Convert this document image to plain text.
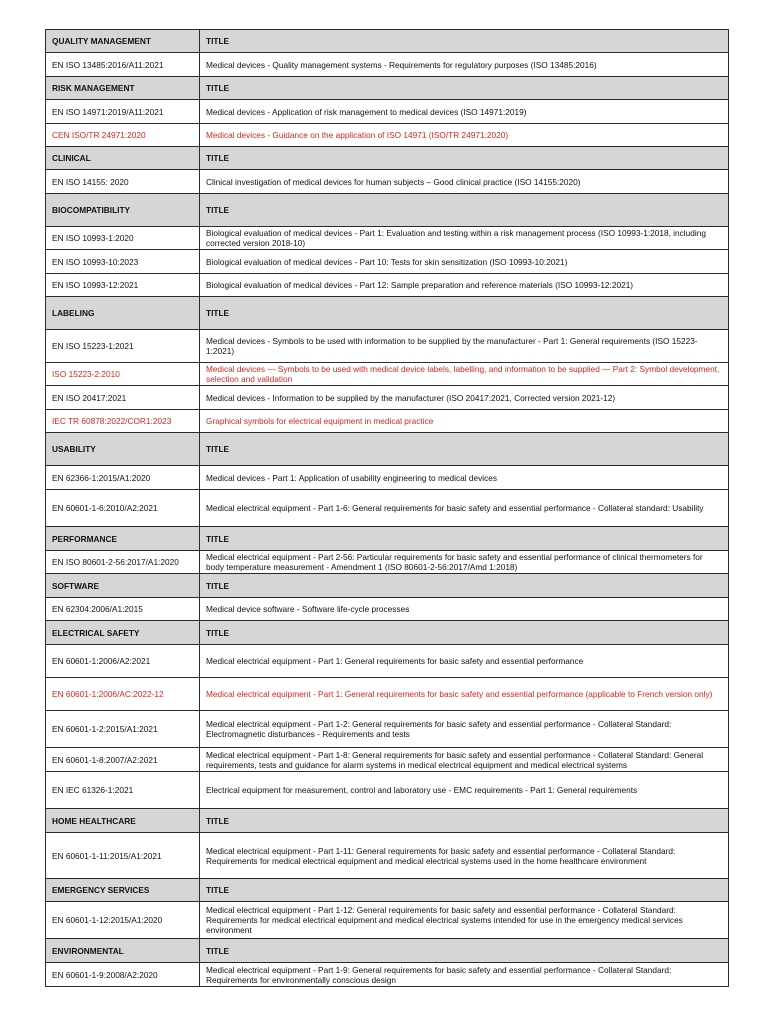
QUALITY MANAGEMENT	TITLE
EN ISO 13485:2016/A11:2021	Medical devices - Quality management systems - Requirements for regulatory purposes (ISO 13485:2016)
RISK MANAGEMENT	TITLE
EN ISO 14971:2019/A11:2021	Medical devices - Application of risk management to medical devices (ISO 14971:2019)
CEN ISO/TR 24971:2020	Medical devices - Guidance on the application of ISO 14971 (ISO/TR 24971:2020)
CLINICAL	TITLE
EN ISO 14155: 2020	Clinical investigation of medical devices for human subjects – Good clinical practice (ISO 14155:2020)
BIOCOMPATIBILITY	TITLE
EN ISO 10993-1:2020	Biological evaluation of medical devices - Part 1: Evaluation and testing within a risk management process (ISO 10993-1:2018, including corrected version 2018-10)
EN ISO 10993-10:2023	Biological evaluation of medical devices - Part 10: Tests for skin sensitization (ISO 10993-10:2021)
EN ISO 10993-12:2021	Biological evaluation of medical devices - Part 12: Sample preparation and reference materials (ISO 10993-12:2021)
LABELING	TITLE
EN ISO 15223-1:2021	Medical devices - Symbols to be used with information to be supplied by the manufacturer - Part 1: General requirements (ISO 15223-1:2021)
ISO 15223-2:2010	Medical devices — Symbols to be used with medical device labels, labelling, and information to be supplied — Part 2: Symbol development, selection and validation
EN ISO 20417:2021	Medical devices - Information to be supplied by the manufacturer (ISO 20417:2021, Corrected version 2021-12)
IEC TR 60878:2022/COR1:2023	Graphical symbols for electrical equipment in medical practice
USABILITY	TITLE
EN 62366-1:2015/A1:2020	Medical devices - Part 1: Application of usability engineering to medical devices
EN 60601-1-6:2010/A2:2021	Medical electrical equipment - Part 1-6: General requirements for basic safety and essential performance - Collateral standard: Usability
PERFORMANCE	TITLE
EN ISO 80601-2-56:2017/A1:2020	Medical electrical equipment - Part 2-56: Particular requirements for basic safety and essential performance of clinical thermometers for body temperature measurement - Amendment 1 (ISO 80601-2-56:2017/Amd 1:2018)
SOFTWARE	TITLE
EN 62304:2006/A1:2015	Medical device software - Software life-cycle processes
ELECTRICAL SAFETY	TITLE
EN 60601-1:2006/A2:2021	Medical electrical equipment - Part 1: General requirements for basic safety and essential performance
EN 60601-1:2006/AC:2022-12	Medical electrical equipment - Part 1: General requirements for basic safety and essential performance (applicable to French version only)
EN 60601-1-2:2015/A1:2021	Medical electrical equipment - Part 1-2: General requirements for basic safety and essential performance - Collateral Standard: Electromagnetic disturbances - Requirements and tests
EN 60601-1-8:2007/A2:2021	Medical electrical equipment - Part 1-8: General requirements for basic safety and essential performance - Collateral Standard: General requirements, tests and guidance for alarm systems in medical electrical equipment and medical electrical systems
EN IEC 61326-1:2021	Electrical equipment for measurement, control and laboratory use - EMC requirements - Part 1: General requirements
HOME HEALTHCARE	TITLE
EN 60601-1-11:2015/A1:2021	Medical electrical equipment - Part 1-11: General requirements for basic safety and essential performance - Collateral Standard: Requirements for medical electrical equipment and medical electrical systems used in the home healthcare environment
EMERGENCY SERVICES	TITLE
EN 60601-1-12:2015/A1:2020	Medical electrical equipment - Part 1-12: General requirements for basic safety and essential performance - Collateral Standard: Requirements for medical electrical equipment and medical electrical systems intended for use in the emergency medical services environment
ENVIRONMENTAL	TITLE
EN 60601-1-9:2008/A2:2020	Medical electrical equipment - Part 1-9: General requirements for basic safety and essential performance - Collateral Standard: Requirements for environmentally conscious design
